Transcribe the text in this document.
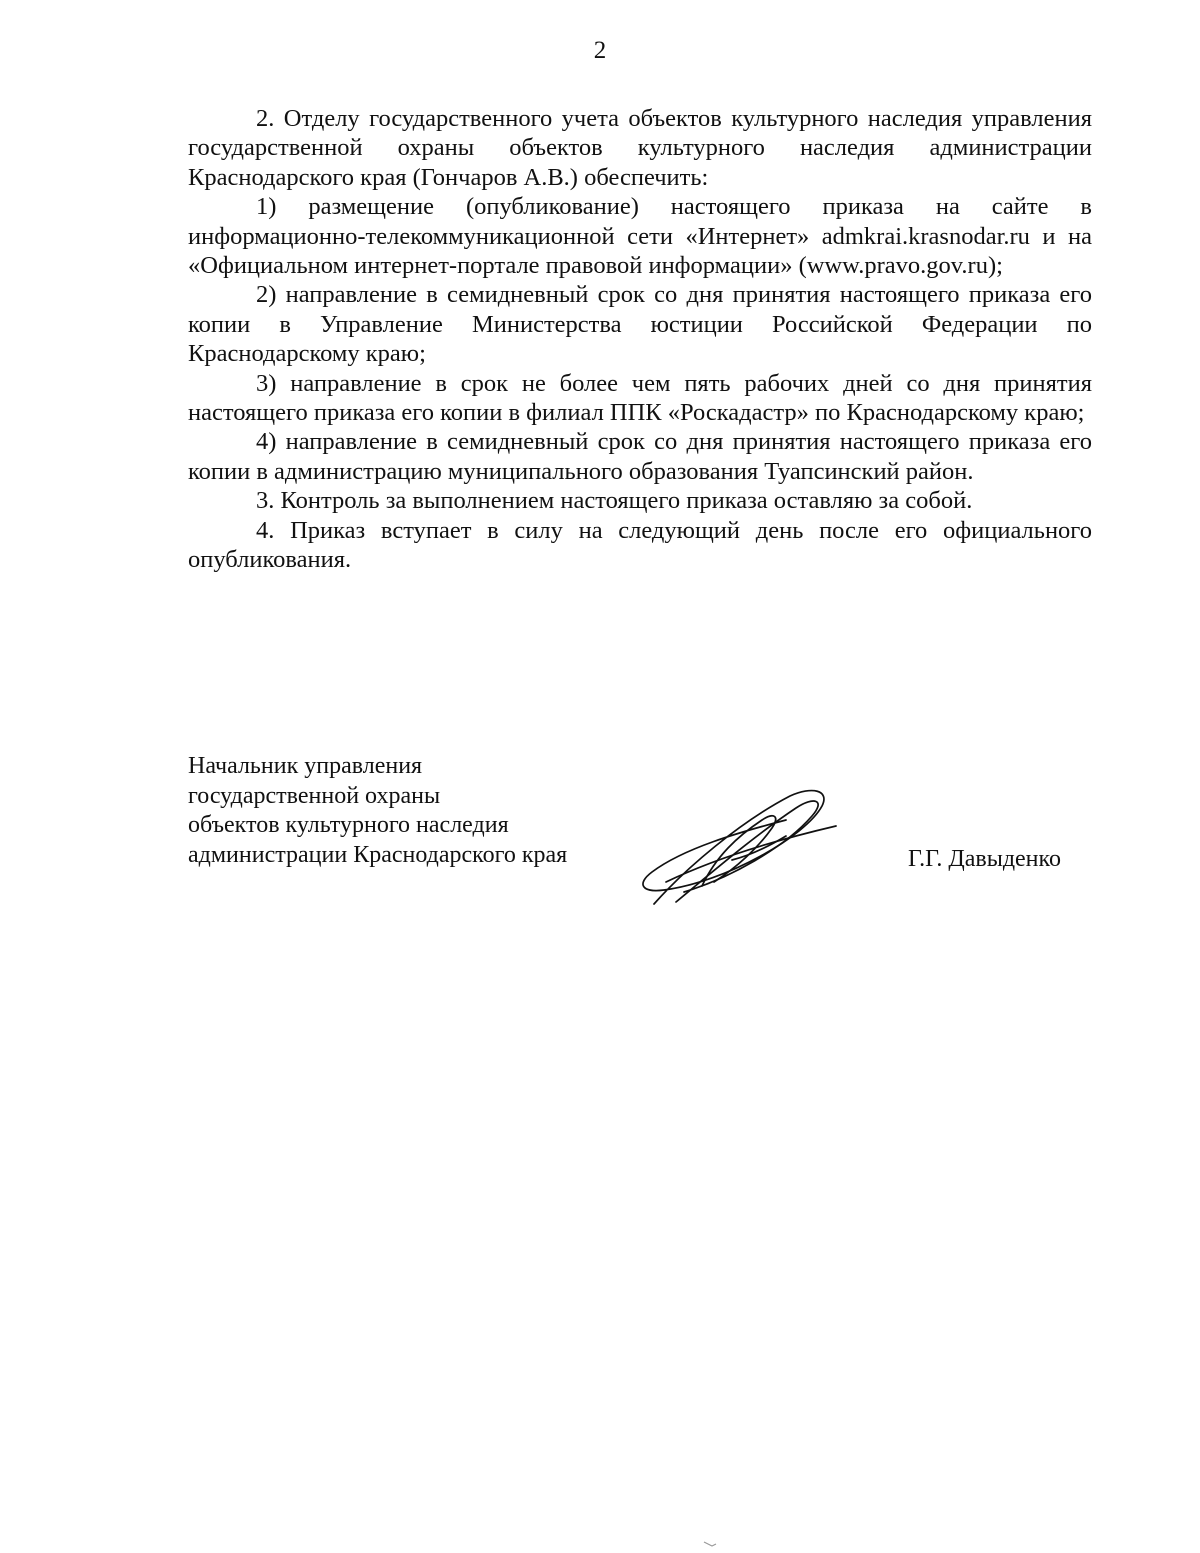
2

2. Отделу государственного учета объектов культурного наследия управления государственной охраны объектов культурного наследия администрации Краснодарского края (Гончаров А.В.) обеспечить:

1) размещение (опубликование) настоящего приказа на сайте в информационно-телекоммуникационной сети «Интернет» admkrai.krasnodar.ru и на «Официальном интернет-портале правовой информации» (www.pravo.gov.ru);

2) направление в семидневный срок со дня принятия настоящего приказа его копии в Управление Министерства юстиции Российской Федерации по Краснодарскому краю;

3) направление в срок не более чем пять рабочих дней со дня принятия настоящего приказа его копии в филиал ППК «Роскадастр» по Краснодарскому краю;

4) направление в семидневный срок со дня принятия настоящего приказа его копии в администрацию муниципального образования Туапсинский район.

3. Контроль за выполнением настоящего приказа оставляю за собой.

4. Приказ вступает в силу на следующий день после его официального опубликования.

Начальник управления
государственной охраны
объектов культурного наследия
администрации Краснодарского края	Г.Г. Давыденко
